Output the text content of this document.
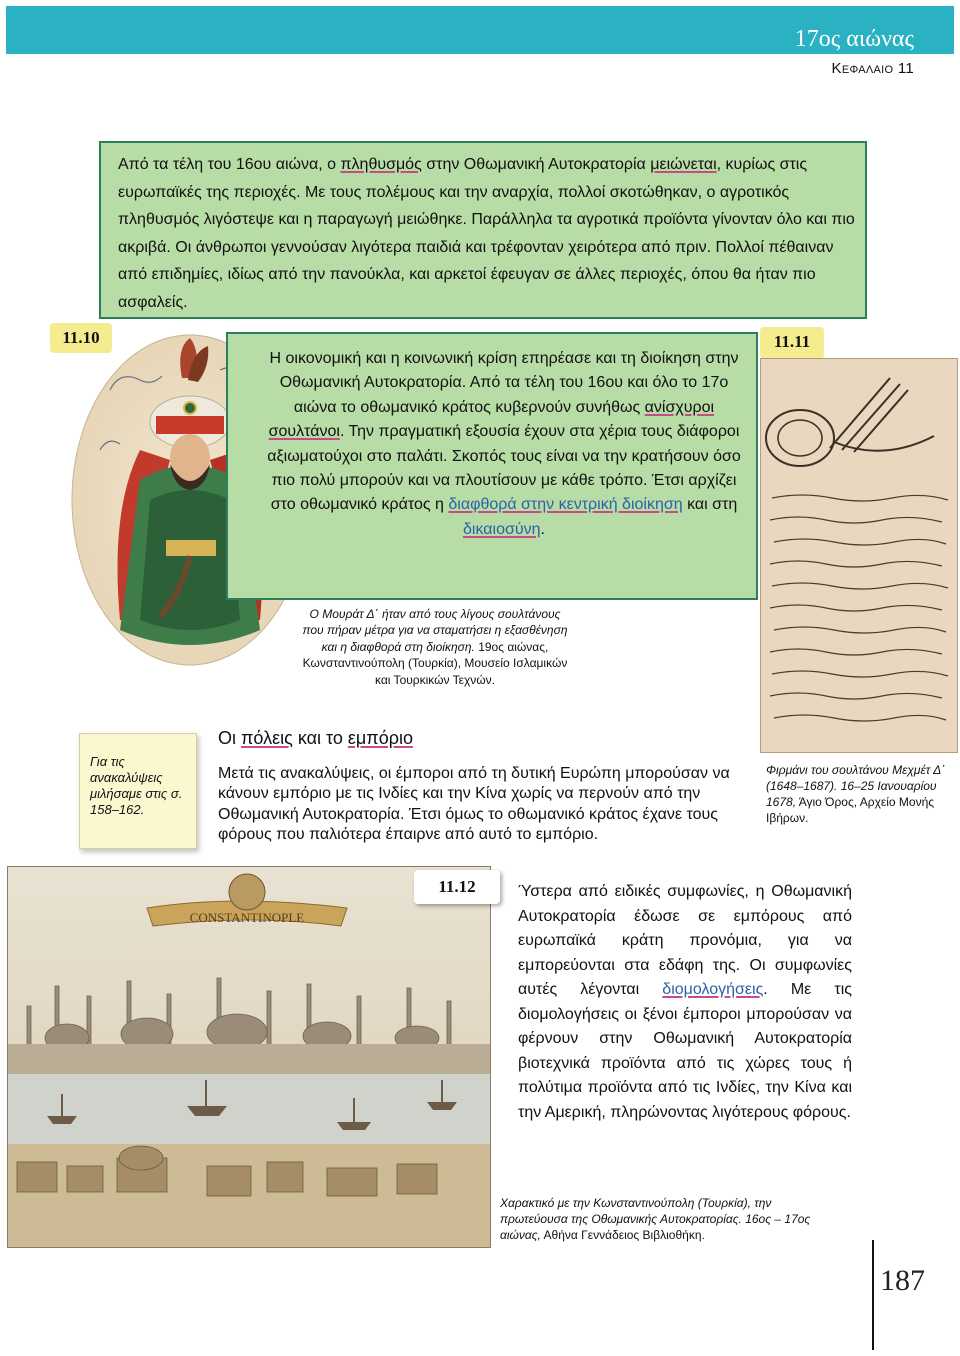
17ος αιώνας
Κεφαλαιο 11
Από τα τέλη του 16ου αιώνα, ο πληθυσμός στην Οθωμανική Αυτοκρατορία μειώνεται, κυρίως στις ευρωπαϊκές της περιοχές. Με τους πολέμους και την αναρχία, πολλοί σκοτώθηκαν, ο αγροτικός πληθυσμός λιγόστεψε και η παραγωγή μειώθηκε. Παράλληλα τα αγροτικά προϊόντα γίνονταν όλο και πιο ακριβά. Οι άνθρωποι γεννούσαν λιγότερα παιδιά και τρέφονταν χειρότερα από πριν. Πολλοί πέθαιναν από επιδημίες, ιδίως από την πανούκλα, και αρκετοί έφευγαν σε άλλες περιοχές, όπου θα ήταν πιο ασφαλείς.
11.10
Η οικονομική και η κοινωνική κρίση επηρέασε και τη διοίκηση στην Οθωμανική Αυτοκρατορία. Από τα τέλη του 16ου και όλο το 17ο αιώνα το οθωμανικό κράτος κυβερνούν συνήθως ανίσχυροι σουλτάνοι. Την πραγματική εξουσία έχουν στα χέρια τους διάφοροι αξιωματούχοι στο παλάτι. Σκοπός τους είναι να την κρατήσουν όσο πιο πολύ μπορούν και να πλουτίσουν με κάθε τρόπο. Έτσι αρχίζει στο οθωμανικό κράτος η διαφθορά στην κεντρική διοίκηση και στη δικαιοσύνη.
Ο Μουράτ Δ΄ ήταν από τους λίγους σουλτάνους που πήραν μέτρα για να σταματήσει η εξασθένηση και η διαφθορά στη διοίκηση. 19ος αιώνας, Κωνσταντινούπολη (Τουρκία), Μουσείο Ισλαμικών και Τουρκικών Τεχνών.
11.11
Φιρμάνι του σουλτάνου Μεχμέτ Δ΄ (1648–1687). 16–25 Ιανουαρίου 1678, Άγιο Όρος, Αρχείο Μονής Ιβήρων.
Για τις ανακαλύψεις μιλήσαμε στις σ. 158–162.
Οι πόλεις και το εμπόριο
Μετά τις ανακαλύψεις, οι έμποροι από τη δυτική Ευρώπη μπορούσαν να κάνουν εμπόριο με τις Ινδίες και την Κίνα χωρίς να περνούν από την Οθωμανική Αυτοκρατορία. Έτσι όμως το οθωμανικό κράτος έχανε τους φόρους που παλιότερα έπαιρνε από αυτό το εμπόριο.
CONSTANTINOPLE
11.12	Ύστερα από ειδικές συμφωνίες, η Οθωμανική Αυτοκρατορία έδωσε σε εμπόρους από ευρωπαϊκά κράτη προνόμια, για να εμπορεύονται στα εδάφη της. Οι συμφωνίες αυτές λέγονται διομολογήσεις. Με τις διομολογήσεις οι ξένοι έμποροι μπορούσαν να φέρνουν στην Οθωμανική Αυτοκρατορία βιοτεχνικά προϊόντα από τις χώρες τους ή πολύτιμα προϊόντα από τις Ινδίες, την Κίνα και την Αμερική, πληρώνοντας λιγότερους φόρους.
Χαρακτικό με την Κωνσταντινούπολη (Τουρκία), την πρωτεύουσα της Οθωμανικής Αυτοκρατορίας. 16ος – 17ος αιώνας, Αθήνα Γεννάδειος Βιβλιοθήκη.
187
